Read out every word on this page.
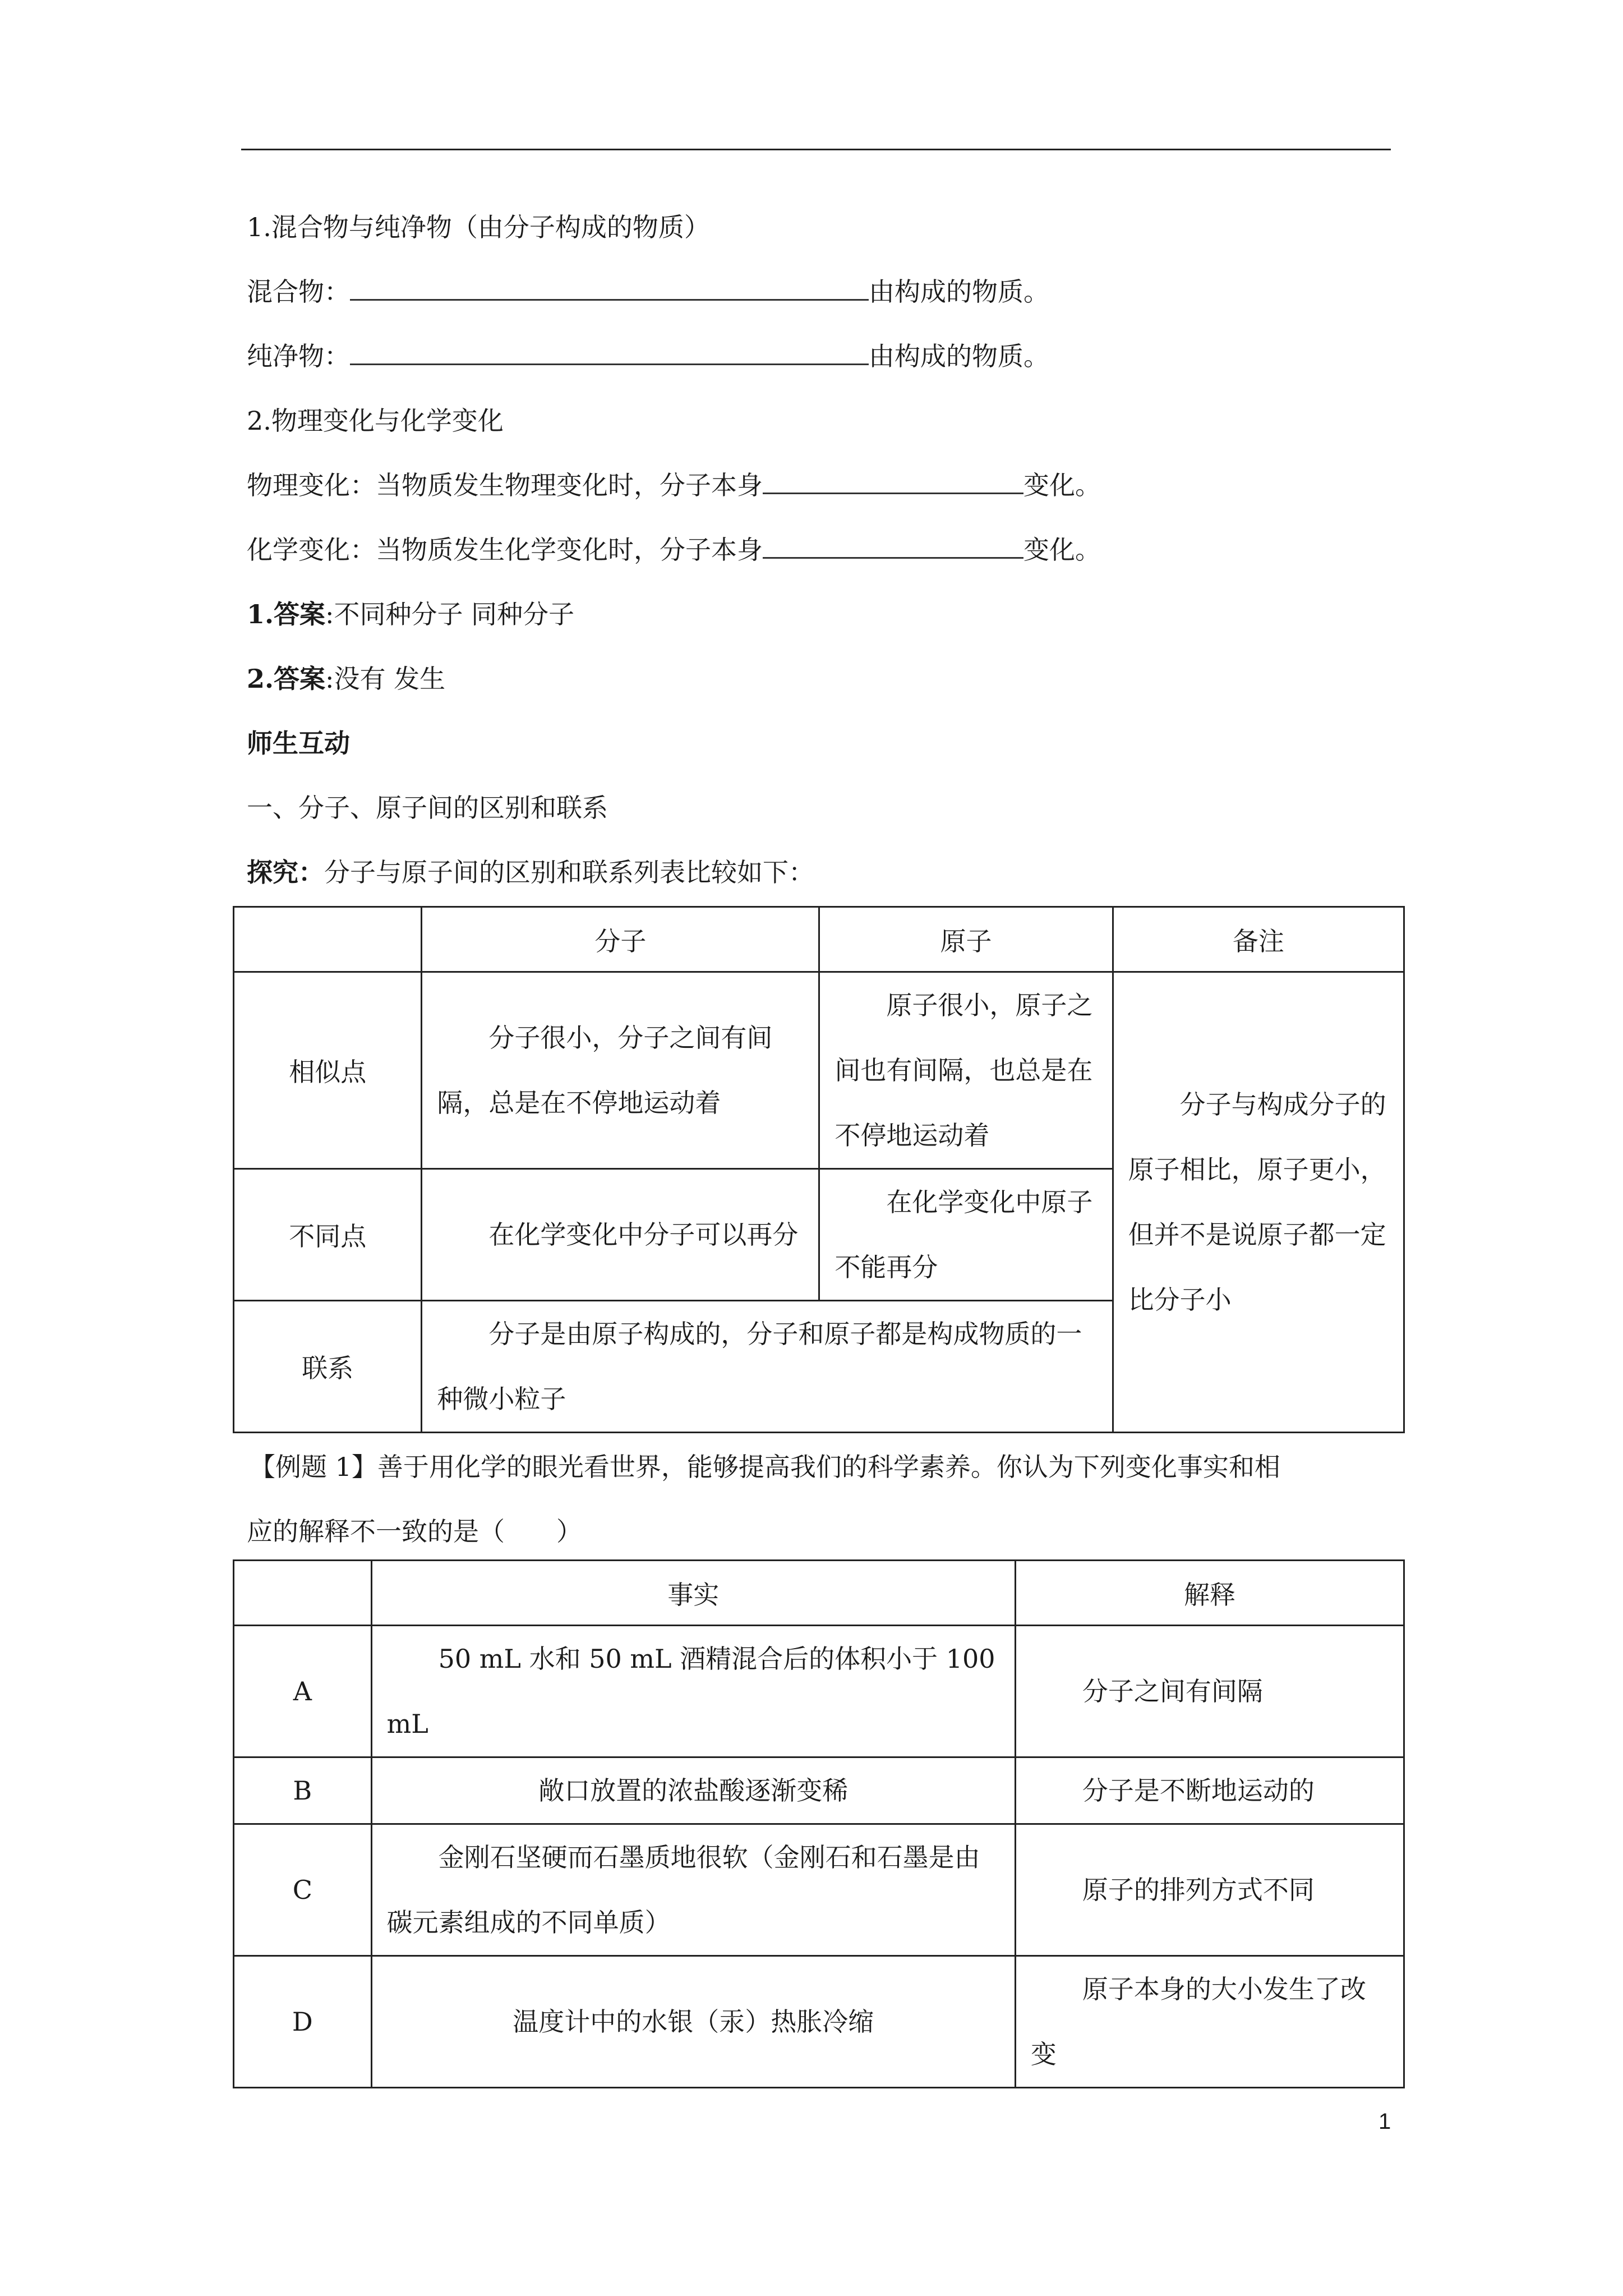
1.混合物与纯净物（由分子构成的物质）
混合物：	由构成的物质。
纯净物：	由构成的物质。
2.物理变化与化学变化
物理变化：当物质发生物理变化时，分子本身	变化。
化学变化：当物质发生化学变化时，分子本身	变化。
1.答案:不同种分子 同种分子
2.答案:没有 发生
师生互动
一、分子、原子间的区别和联系
探究：分子与原子间的区别和联系列表比较如下：
	分子	原子	备注
相似点	分子很小，分子之间有间隔，总是在不停地运动着	原子很小，原子之间也有间隔，也总是在不停地运动着	分子与构成分子的原子相比，原子更小，但并不是说原子都一定比分子小

不同点	在化学变化中分子可以再分	在化学变化中原子不能再分	

联系	分子是由原子构成的，分子和原子都是构成物质的一种微小粒子		
【例题 1】善于用化学的眼光看世界，能够提高我们的科学素养。你认为下列变化事实和相
应的解释不一致的是（　　）
	事实	解释
A	50 mL 水和 50 mL 酒精混合后的体积小于 100 mL	分子之间有间隔

B	敞口放置的浓盐酸逐渐变稀	分子是不断地运动的

C	金刚石坚硬而石墨质地很软（金刚石和石墨是由碳元素组成的不同单质）	原子的排列方式不同

D	温度计中的水银（汞）热胀冷缩	原子本身的大小发生了改变
1
